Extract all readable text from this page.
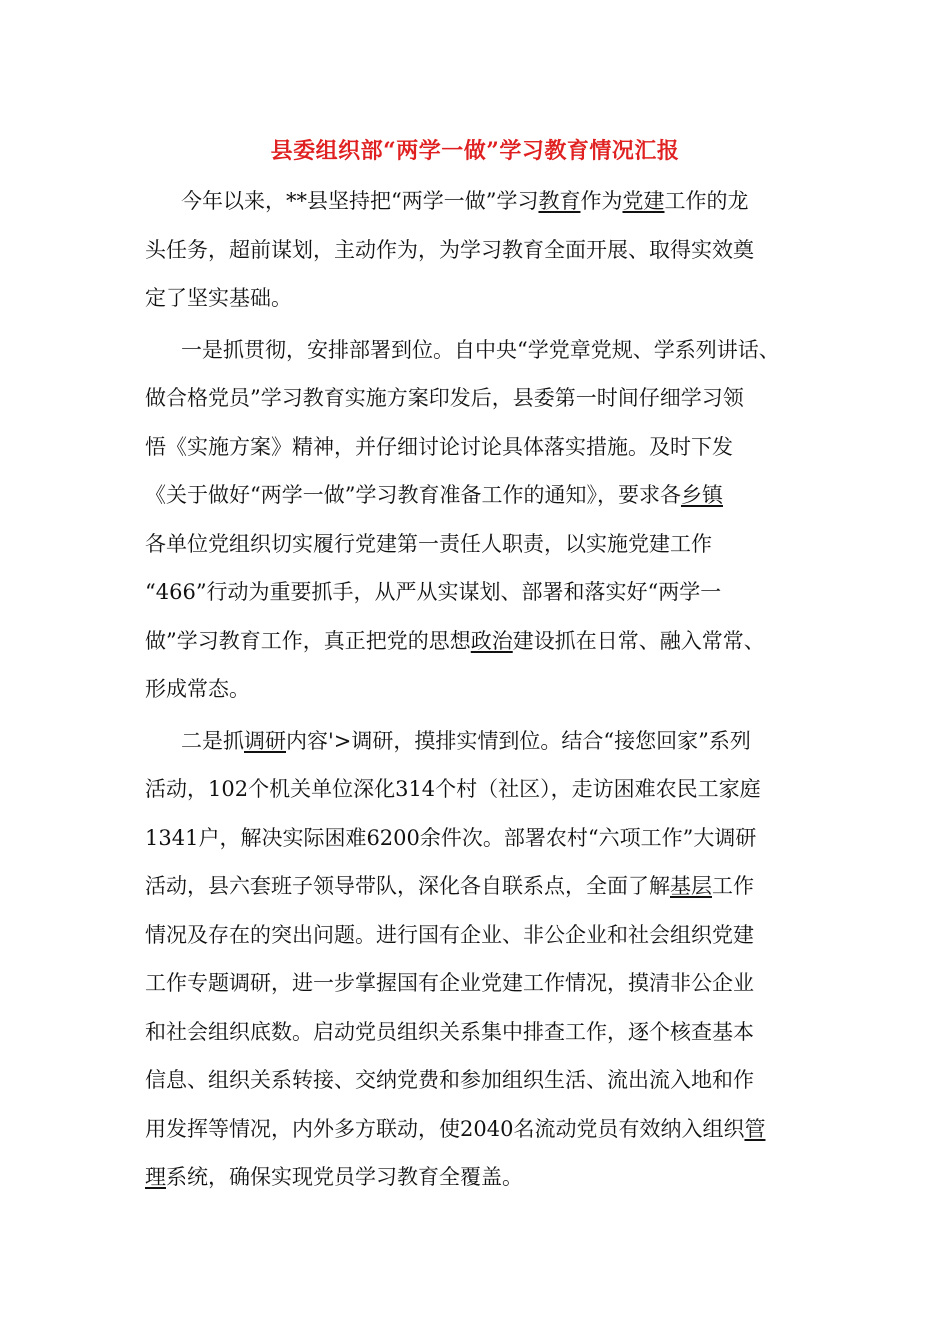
县委组织部“两学一做”学习教育情况汇报
今年以来，**县坚持把“两学一做”学习教育作为党建工作的龙
头任务，超前谋划，主动作为，为学习教育全面开展、取得实效奠
定了坚实基础。
一是抓贯彻，安排部署到位。自中央“学党章党规、学系列讲话、
做合格党员”学习教育实施方案印发后，县委第一时间仔细学习领
悟《实施方案》精神，并仔细讨论讨论具体落实措施。及时下发
《关于做好“两学一做”学习教育准备工作的通知》，要求各乡镇
各单位党组织切实履行党建第一责任人职责，以实施党建工作
“466”行动为重要抓手，从严从实谋划、部署和落实好“两学一
做”学习教育工作，真正把党的思想政治建设抓在日常、融入常常、
形成常态。
二是抓调研内容'>调研，摸排实情到位。结合“接您回家”系列
活动，102个机关单位深化314个村（社区），走访困难农民工家庭
1341户，解决实际困难6200余件次。部署农村“六项工作”大调研
活动，县六套班子领导带队，深化各自联系点，全面了解基层工作
情况及存在的突出问题。进行国有企业、非公企业和社会组织党建
工作专题调研，进一步掌握国有企业党建工作情况，摸清非公企业
和社会组织底数。启动党员组织关系集中排查工作，逐个核查基本
信息、组织关系转接、交纳党费和参加组织生活、流出流入地和作
用发挥等情况，内外多方联动，使2040名流动党员有效纳入组织管
理系统，确保实现党员学习教育全覆盖。
